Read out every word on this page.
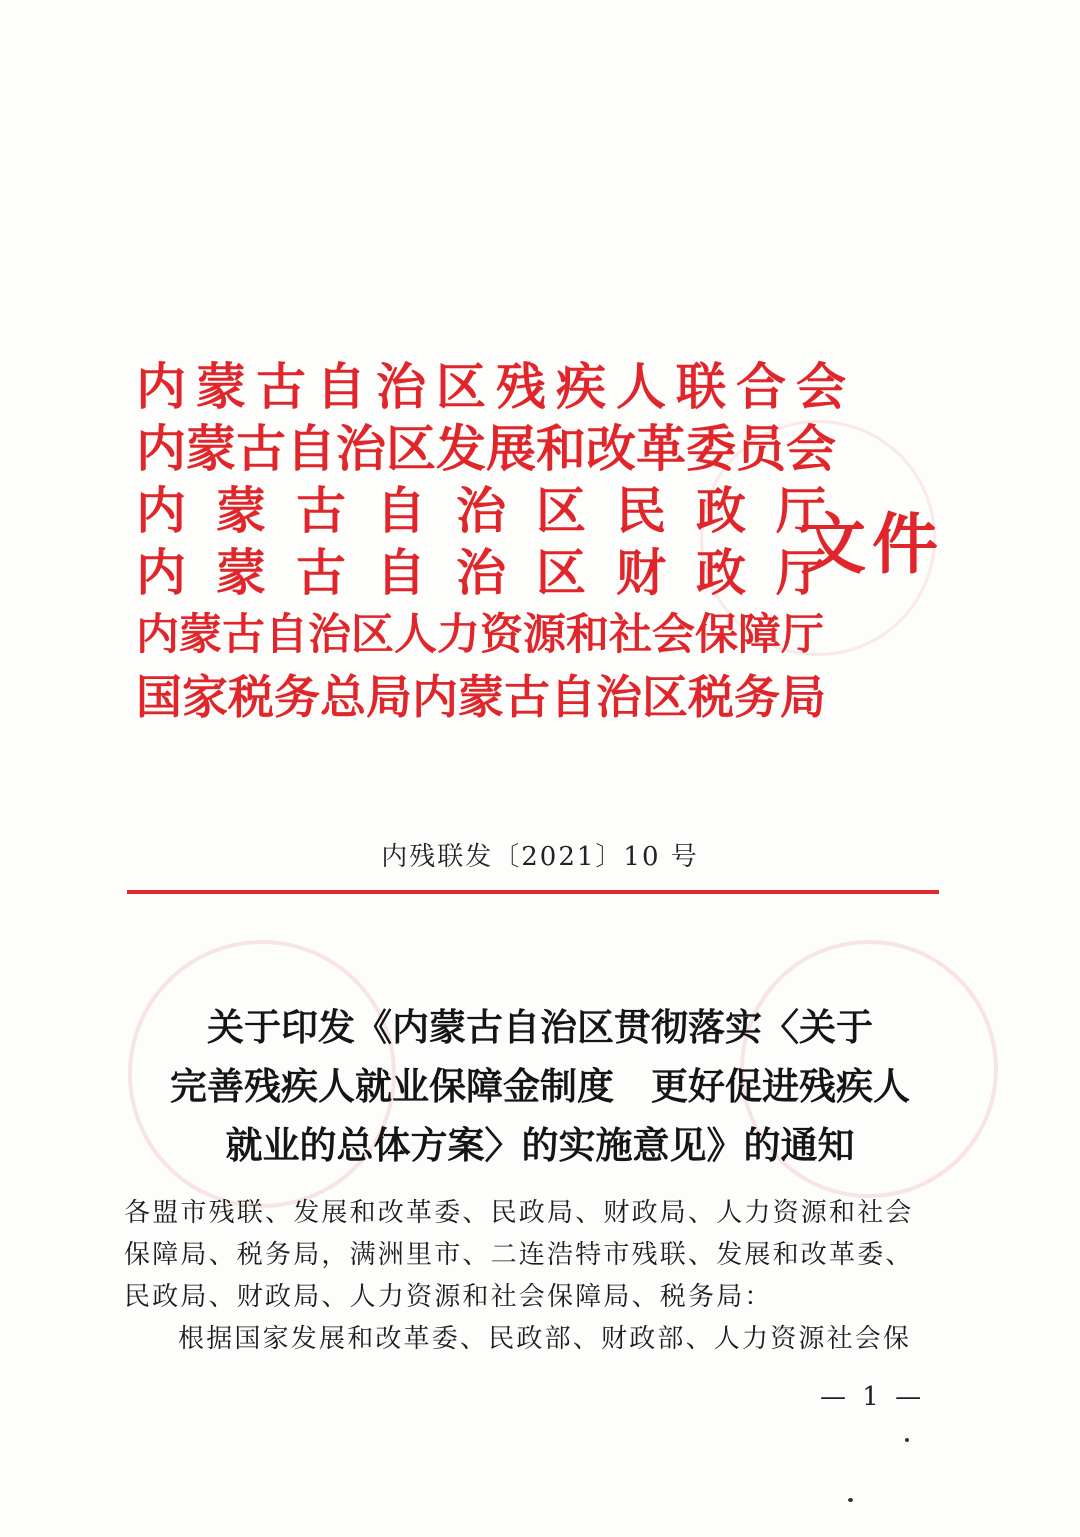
内蒙古自治区残疾人联合会
内蒙古自治区发展和改革委员会
内蒙古自治区民政厅
内蒙古自治区财政厅
内蒙古自治区人力资源和社会保障厅
国家税务总局内蒙古自治区税务局
文件
内残联发〔2021〕10 号
关于印发《内蒙古自治区贯彻落实〈关于
完善残疾人就业保障金制度　更好促进残疾人
就业的总体方案〉的实施意见》的通知

各盟市残联、发展和改革委、民政局、财政局、人力资源和社会

保障局、税务局，满洲里市、二连浩特市残联、发展和改革委、

民政局、财政局、人力资源和社会保障局、税务局：

根据国家发展和改革委、民政部、财政部、人力资源社会保

— 1 —
